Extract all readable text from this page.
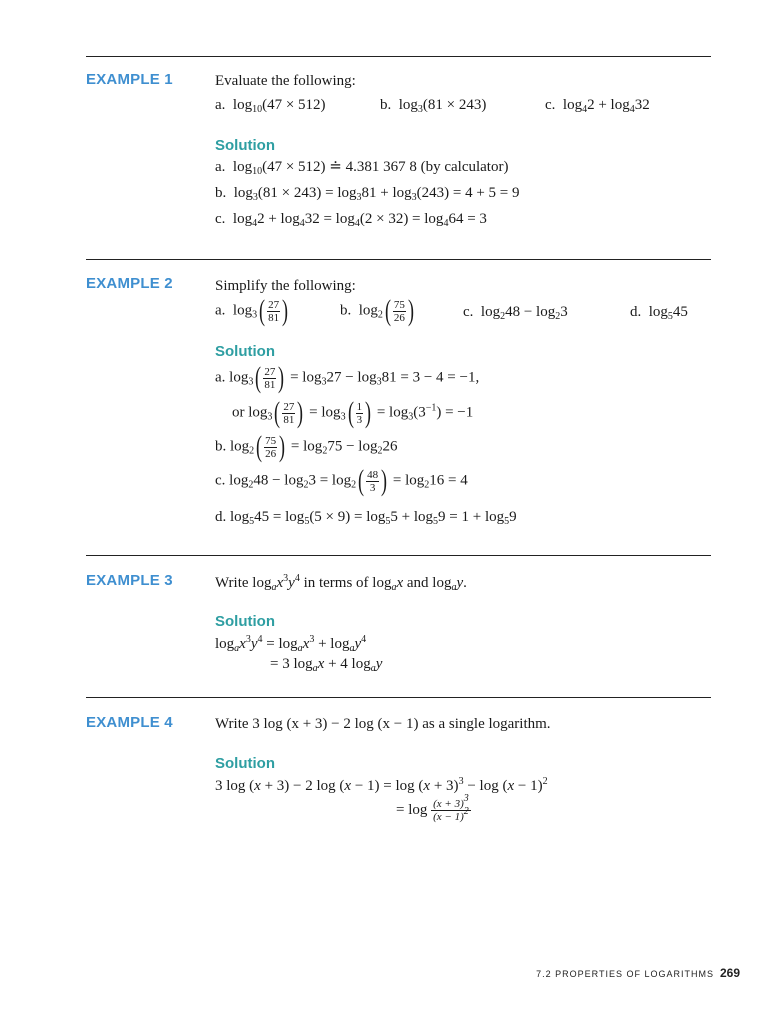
EXAMPLE 1	Evaluate the following:
a.  $\log_{10}(47 \times 512)$	b.  $\log_3(81 \times 243)$	c.  $\log_42 + \log_432$
Solution
a.  $\log_{10}(47 \times 512)$ ≐ 4.381 367 8 (by calculator)
b.  $\log_3(81 \times 243) = \log_381 + \log_3(243) = 4 + 5 = 9$
c.  $\log_42 + \log_432 = \log_4(2 \times 32) = \log_464 = 3$
EXAMPLE 2	Simplify the following:
a.  $\log_3$ ( 27
81 )	b.  $\log_2$ ( 75
26 )	c.  $\log_248 - \log_23$	d.  $\log_545$
Solution
a. $\log_3$ ( 27
81 ) = $\log_327 - \log_381 = 3 - 4 = -1$,
or $\log_3$ ( 27
81 ) = $\log_3$ ( 1
3 ) = $\log_3(3^{-1}) = -1$
b. $\log_2$ ( 75
26 ) = $\log_275 - \log_226$
c. $\log_248 - \log_23 = \log_2$ ( 48
3 ) = $\log_216 = 4$
d. $\log_545 = \log_5(5 \times 9) = \log_55 + \log_59 = 1 + \log_59$
EXAMPLE 3	Write $\log_ax^3y^4$ in terms of $\log_ax$ and $\log_ay$.
Solution
$\log_ax^3y^4 = \log_ax^3 + \log_ay^4$
= 3 $\log_ax + 4$ $\log_ay$
EXAMPLE 4	Write 3 log (x + 3) − 2 log (x − 1) as a single logarithm.
Solution
3 log (x + 3) − 2 $\log (x - 1) = \log (x + 3)^3 - \log (x - 1)^2$
= $\log \frac{(x + 3)^3}{(x - 1)^2}$
7.2 PROPERTIES OF LOGARITHMS 269
